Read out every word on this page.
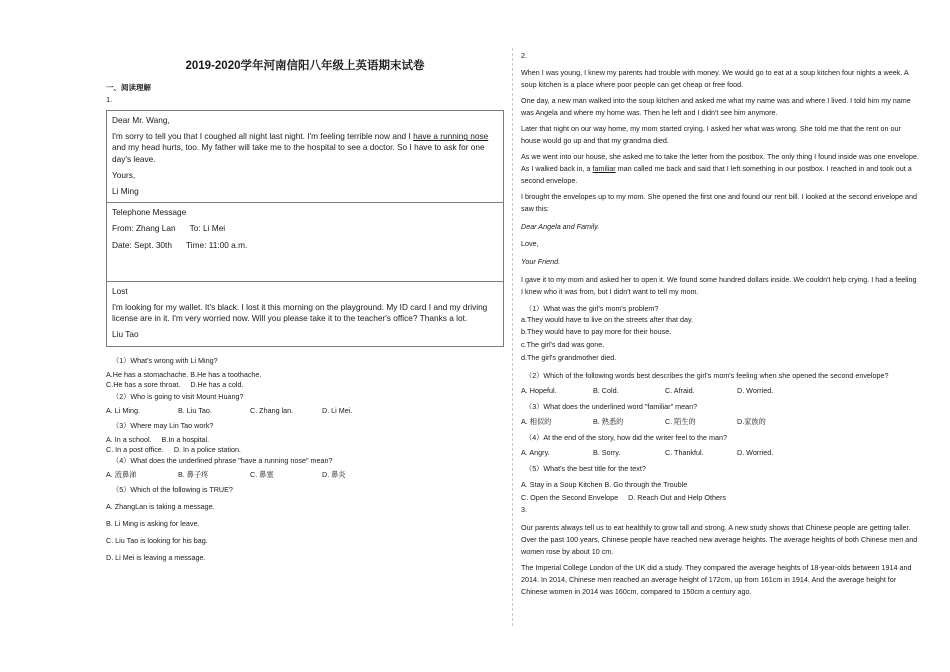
2019-2020学年河南信阳八年级上英语期末试卷
一、阅读理解
1.

Dear Mr. Wang,

I'm sorry to tell you that I coughed all night last night. I'm feeling terrible now and I have a running nose and my head hurts, too. My father will take me to the hospital to see a doctor. So I have to ask for one day's leave.

Yours,

Li Ming

Telephone Message

From: Zhang Lan To: Li Mei

Date: Sept. 30th Time: 11:00 a.m.

Lost

I'm looking for my wallet. It's black. I lost it this morning on the playground. My ID card I and my driving license are in it. I'm very worried now. Will you please take it to the teacher's office? Thanks a lot.

Liu Tao

（1）What's wrong with Li Ming?
A.He has a stomachache. B.He has a toothache.
C.He has a sore throat. D.He has a cold.
（2）Who is going to visit Mount Huang?
A. Li Ming.	B. Liu Tao.	C. Zhang lan.	D. Li Mei.
（3）Where may Lin Tao work?
A. In a school. B.In a hospital.
C. In a post office. D. In a police station.
（4）What does the underlined phrase "have a running nose" mean?
A. 流鼻涕	B. 鼻子疼	C. 鼻塞	D. 鼻炎
（5）Which of the following is TRUE?
A. ZhangLan is taking a message.
B. Li Ming is asking for leave.
C. Liu Tao is looking for his bag.
D. Li Mei is leaving a message.
2.
When I was young, I knew my parents had trouble with money. We would go to eat at a soup kitchen four nights a week. A soup kitchen is a place where poor people can get cheap or free food.
One day, a new man walked into the soup kitchen and asked me what my name was and where I lived. I told him my name was Angela and where my home was. Then he left and I didn't see him anymore.
Later that night on our way home, my mom started crying. I asked her what was wrong. She told me that the rent on our house would go up and that my grandma died.
As we went into our house, she asked me to take the letter from the postbox. The only thing I found inside was one envelope. As I walked back in, a familiar man called me back and said that I left something in our postbox. I reached in and took out a second envelope.
I brought the envelopes up to my mom. She opened the first one and found our rent bill. I looked at the second envelope and saw this:
Dear Angela and Family.
Love,
Your Friend.
I gave it to my mom and asked her to open it. We found some hundred dollars inside. We couldn't help crying. I had a feeling I knew who it was from, but I didn't want to tell my mom.
（1）What was the girl's mom's problem?
a.They would have to live on the streets after that day.
b.They would have to pay more for their house.
c.The girl's dad was gone.
d.The girl's grandmother died.
（2）Which of the following words best describes the girl's mom's feeling when she opened the second envelope?
A. Hopeful.	B. Cold.	C. Afraid.	D. Worried.
（3）What does the underlined word "familiar" mean?
A. 相似的	B. 熟悉的	C. 陌生的	D.家族的
（4）At the end of the story, how did the writer feel to the man?
A. Angry.	B. Sorry.	C. Thankful.	D. Worried.
（5）What's the best title for the text?
A. Stay in a Soup Kitchen B. Go through the Trouble
C. Open the Second Envelope D. Reach Out and Help Others
3.
Our parents always tell us to eat healthily to grow tall and strong. A new study shows that Chinese people are getting taller. Over the past 100 years, Chinese people have reached new average heights. The average heights of both Chinese men and women rose by about 10 cm.
The Imperial College London of the UK did a study. They compared the average heights of 18-year-olds between 1914 and 2014. In 2014, Chinese men reached an average height of 172cm, up from 161cm in 1914. And the average height for Chinese women in 2014 was 160cm, compared to 150cm a century ago.
